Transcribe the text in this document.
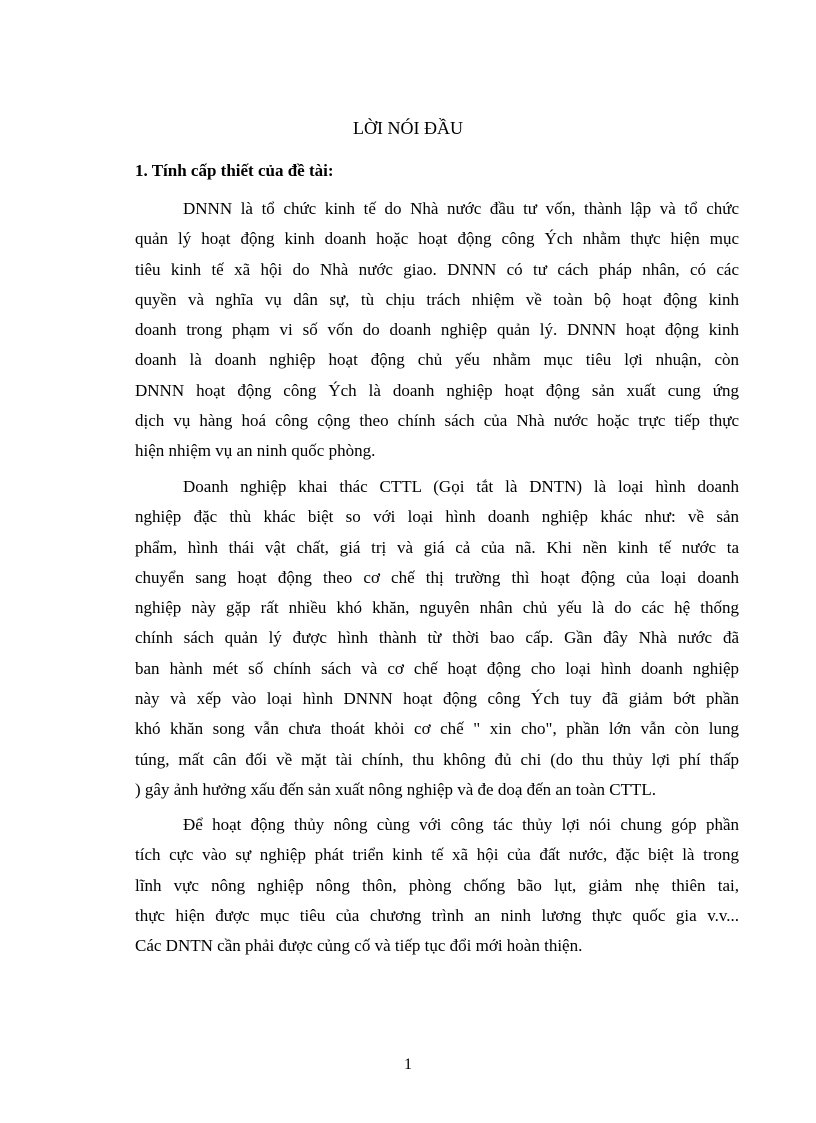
LỜI NÓI ĐẦU
1. Tính cấp thiết của đề tài:
DNNN là tổ chức kinh tế do Nhà nước đầu tư vốn, thành lập và tổ chức
quản lý hoạt động kinh doanh hoặc hoạt động công Ých nhằm thực hiện mục
tiêu kinh tế xã hội do Nhà nước giao. DNNN có tư cách pháp nhân, có các
quyền và nghĩa vụ dân sự, tù chịu trách nhiệm về toàn bộ hoạt động kinh
doanh trong phạm vi số vốn do doanh nghiệp quản lý. DNNN hoạt động kinh
doanh là doanh nghiệp hoạt động chủ yếu nhằm mục tiêu lợi nhuận, còn
DNNN hoạt động công Ých là doanh nghiệp hoạt động sản xuất cung ứng
dịch vụ hàng hoá công cộng theo chính sách của Nhà nước hoặc trực tiếp thực
hiện nhiệm vụ an ninh quốc phòng.
Doanh nghiệp khai thác CTTL (Gọi tắt là DNTN) là loại hình doanh
nghiệp đặc thù khác biệt so với loại hình doanh nghiệp khác như: về sản
phẩm, hình thái vật chất, giá trị và giá cả của nã. Khi nền kinh tế nước ta
chuyển sang hoạt động theo cơ chế thị trường thì hoạt động của loại doanh
nghiệp này gặp rất nhiều khó khăn, nguyên nhân chủ yếu là do các hệ thống
chính sách quản lý được hình thành từ thời bao cấp. Gần đây Nhà nước đã
ban hành mét số chính sách và cơ chế hoạt động cho loại hình doanh nghiệp
này và xếp vào loại hình DNNN hoạt động công Ých tuy đã giảm bớt phần
khó khăn song vẫn chưa thoát khỏi cơ chế " xin cho", phần lớn vẫn còn lung
túng, mất cân đối về mặt tài chính, thu không đủ chi (do thu thủy lợi phí thấp
) gây ảnh hưởng xấu đến sản xuất nông nghiệp và đe doạ đến an toàn CTTL.
Để hoạt động thủy nông cùng với công tác thủy lợi nói chung góp phần
tích cực vào sự nghiệp phát triển kinh tế xã hội của đất nước, đặc biệt là trong
lĩnh vực nông nghiệp nông thôn, phòng chống bão lụt, giảm nhẹ thiên tai,
thực hiện được mục tiêu của chương trình an ninh lương thực quốc gia v.v...
Các DNTN cần phải được củng cố và tiếp tục đổi mới hoàn thiện.
1
